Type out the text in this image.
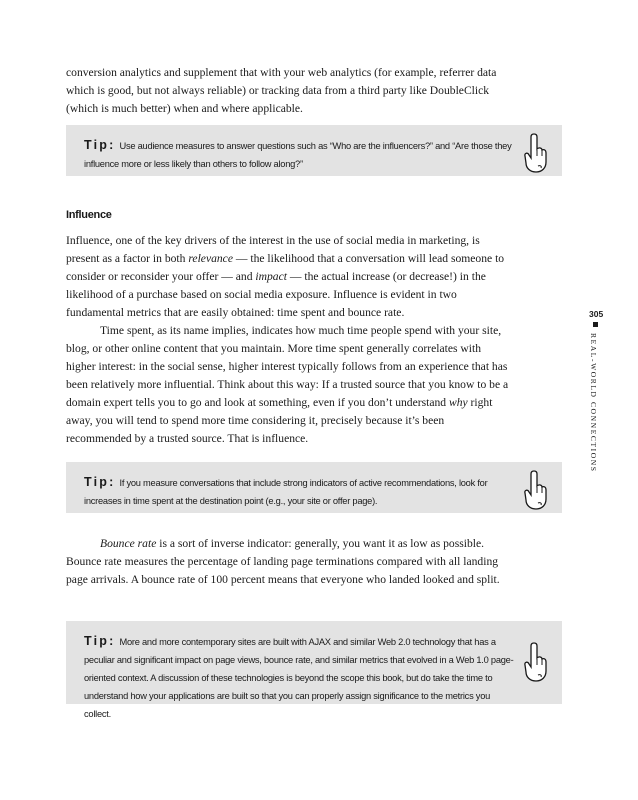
conversion analytics and supplement that with your web analytics (for example, referrer data which is good, but not always reliable) or tracking data from a third party like DoubleClick (which is much better) when and where applicable.

Tip: Use audience measures to answer questions such as “Who are the influencers?” and “Are those they influence more or less likely than others to follow along?”
Influence

Influence, one of the key drivers of the interest in the use of social media in marketing, is present as a factor in both relevance — the likelihood that a conversation will lead someone to consider or reconsider your offer — and impact — the actual increase (or decrease!) in the likelihood of a purchase based on social media exposure. Influence is evident in two fundamental metrics that are easily obtained: time spent and bounce rate.

Time spent, as its name implies, indicates how much time people spend with your site, blog, or other online content that you maintain. More time spent generally correlates with higher interest: in the social sense, higher interest typically follows from an experience that has been relatively more influential. Think about this way: If a trusted source that you know to be a domain expert tells you to go and look at something, even if you don’t understand why right away, you will tend to spend more time considering it, precisely because it’s been recommended by a trusted source. That is influence.

Tip: If you measure conversations that include strong indicators of active recommendations, look for increases in time spent at the destination point (e.g., your site or offer page).

Bounce rate is a sort of inverse indicator: generally, you want it as low as possible. Bounce rate measures the percentage of landing page terminations compared with all landing page arrivals. A bounce rate of 100 percent means that everyone who landed looked and split.

Tip: More and more contemporary sites are built with AJAX and similar Web 2.0 technology that has a peculiar and significant impact on page views, bounce rate, and similar metrics that evolved in a Web 1.0 page-oriented context. A discussion of these technologies is beyond the scope this book, but do take the time to understand how your applications are built so that you can properly assign significance to the metrics you collect.
305
REAL-WORLD CONNECTIONS
